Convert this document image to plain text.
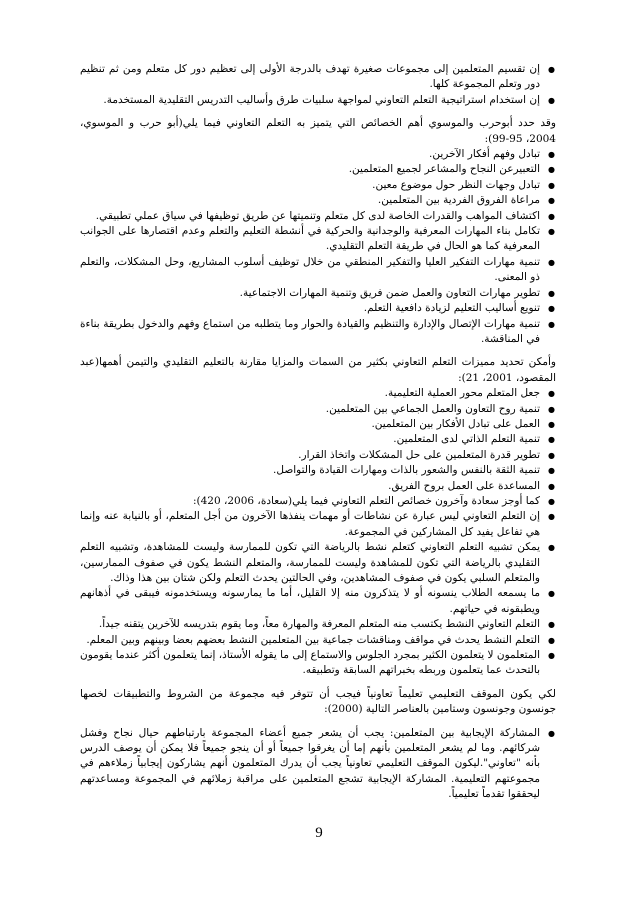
● إن تقسيم المتعلمين إلى مجموعات صغيرة تهدف بالدرجة الأولى إلى تعظيم دور كل متعلم ومن ثم تنظيم دور وتعلم المجموعة كلها.
● إن استخدام استراتيجية التعلم التعاوني لمواجهة سلبيات طرق وأساليب التدريس التقليدية المستخدمة.

وقد حدد أبوحرب والموسوي أهم الخصائص التي يتميز به التعلم التعاوني فيما يلي(أبو حرب و الموسوي، 2004، 95-99):

● تبادل وفهم أفكار الآخرين.
● التعبيرعن النجاح والمشاعر لجميع المتعلمين.
● تبادل وجهات النظر حول موضوع معين.
● مراعاة الفروق الفردية بين المتعلمين.
● اكتشاف المواهب والقدرات الخاصة لدى كل متعلم وتنميتها عن طريق توظيفها في سياق عملي تطبيقي.
● تكامل بناء المهارات المعرفية والوجدانية والحركية في أنشطة التعليم والتعلم وعدم اقتصارها على الجوانب المعرفية كما هو الحال في طريقة التعلم التقليدي.
● تنمية مهارات التفكير العليا والتفكير المنطقي من خلال توظيف أسلوب المشاريع، وحل المشكلات، والتعلم ذو المعنى.
● تطوير مهارات التعاون والعمل ضمن فريق وتنمية المهارات الاجتماعية.
● تنويع أساليب التعليم لزيادة دافعية التعلم.
● تنمية مهارات الإتصال والإدارة والتنظيم والقيادة والحوار وما يتطلبه من استماع وفهم والدخول بطريقة بناءة في المناقشة.

وأمكن تحديد مميزات التعلم التعاوني بكثير من السمات والمزايا مقارنة بالتعليم التقليدي والتيمن أهمها(عبد المقصود، 2001، 21):

● جعل المتعلم محور العملية التعليمية.
● تنمية روح التعاون والعمل الجماعي بين المتعلمين.
● العمل على تبادل الأفكار بين المتعلمين.
● تنمية التعلم الذاتي لدى المتعلمين.
● تطوير قدرة المتعلمين على حل المشكلات واتخاذ القرار.
● تنمية الثقة بالنفس والشعور بالذات ومهارات القيادة والتواصل.
● المساعدة على العمل بروح الفريق.
● كما أوجز سعادة وآخرون خصائص التعلم التعاوني فيما يلي(سعادة، 2006، 420):
● إن التعلم التعاوني ليس عبارة عن نشاطات أو مهمات ينفذها الآخرون من أجل المتعلم، أو بالنيابة عنه وإنما هي تفاعل يفيد كل المشاركين في المجموعة.
● يمكن تشبيه التعلم التعاوني كتعلم نشط بالرياضة التي تكون للممارسة وليست للمشاهدة، وتشبيه التعلم التقليدي بالرياضة التي تكون للمشاهدة وليست للممارسة، والمتعلم النشط يكون في صفوف الممارسين، والمتعلم السلبي يكون في صفوف المشاهدين، وفي الحالتين يحدث التعلم ولكن شتان بين هذا وذاك.
● ما يسمعه الطلاب ينسونه أو لا يتذكرون منه إلا القليل، أما ما يمارسونه ويستخدمونه فيبقى في أذهانهم ويطبقونه في حياتهم.
● التعلم التعاوني النشط يكتسب منه المتعلم المعرفة والمهارة معاً، وما يقوم بتدريسه للآخرين يتقنه جيداً.
● التعلم النشط يحدث في مواقف ومناقشات جماعية بين المتعلمين النشط بعضهم بعضا وبينهم وبين المعلم.
● المتعلمون لا يتعلمون الكثير بمجرد الجلوس والاستماع إلى ما يقوله الأستاذ، إنما يتعلمون أكثر عندما يقومون بالتحدث عما يتعلمون وربطه بخبراتهم السابقة وتطبيقه.

لكي يكون الموقف التعليمي تعليماً تعاونياً فيجب أن تتوفر فيه مجموعة من الشروط والتطبيقات لخصها جونسون وجونسون وستامين بالعناصر التالية (2000):

● المشاركة الإيجابية بين المتعلمين: يجب أن يشعر جميع أعضاء المجموعة بارتباطهم حيال نجاح وفشل شركائهم. وما لم يشعر المتعلمين بأنهم إما أن يغرقوا جميعاً أو أن ينجو جميعاً فلا يمكن أن يوصف الدرس بأنه "تعاوني".ليكون الموقف التعليمي تعاونياً يجب أن يدرك المتعلمون أنهم يشاركون إيجابياً زملاءهم في مجموعتهم التعليمية. المشاركة الإيجابية تشجع المتعلمين على مراقبة زملائهم في المجموعة ومساعدتهم ليحققوا تقدماً تعليمياً.
9
